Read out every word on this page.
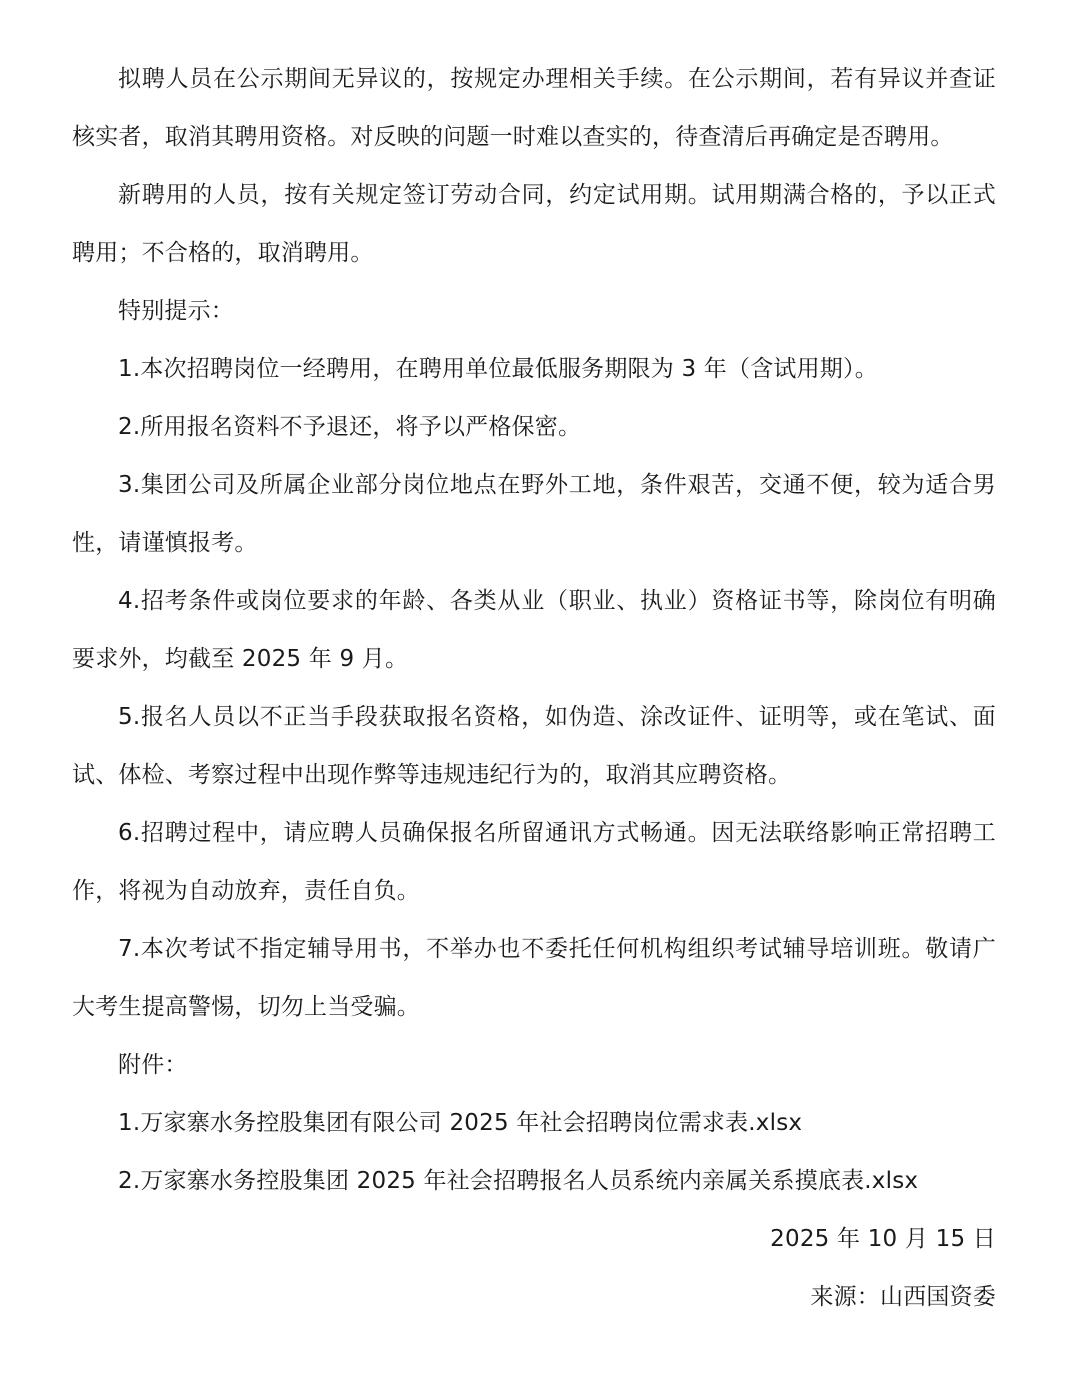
拟聘人员在公示期间无异议的，按规定办理相关手续。在公示期间，若有异议并查证核实者，取消其聘用资格。对反映的问题一时难以查实的，待查清后再确定是否聘用。

新聘用的人员，按有关规定签订劳动合同，约定试用期。试用期满合格的，予以正式聘用；不合格的，取消聘用。

特别提示：

1.本次招聘岗位一经聘用，在聘用单位最低服务期限为 3 年（含试用期）。

2.所用报名资料不予退还，将予以严格保密。

3.集团公司及所属企业部分岗位地点在野外工地，条件艰苦，交通不便，较为适合男性，请谨慎报考。

4.招考条件或岗位要求的年龄、各类从业（职业、执业）资格证书等，除岗位有明确要求外，均截至 2025 年 9 月。

5.报名人员以不正当手段获取报名资格，如伪造、涂改证件、证明等，或在笔试、面试、体检、考察过程中出现作弊等违规违纪行为的，取消其应聘资格。

6.招聘过程中，请应聘人员确保报名所留通讯方式畅通。因无法联络影响正常招聘工作，将视为自动放弃，责任自负。

7.本次考试不指定辅导用书，不举办也不委托任何机构组织考试辅导培训班。敬请广大考生提高警惕，切勿上当受骗。

附件：

1.万家寨水务控股集团有限公司 2025 年社会招聘岗位需求表.xlsx

2.万家寨水务控股集团 2025 年社会招聘报名人员系统内亲属关系摸底表.xlsx

2025 年 10 月 15 日

来源：山西国资委
